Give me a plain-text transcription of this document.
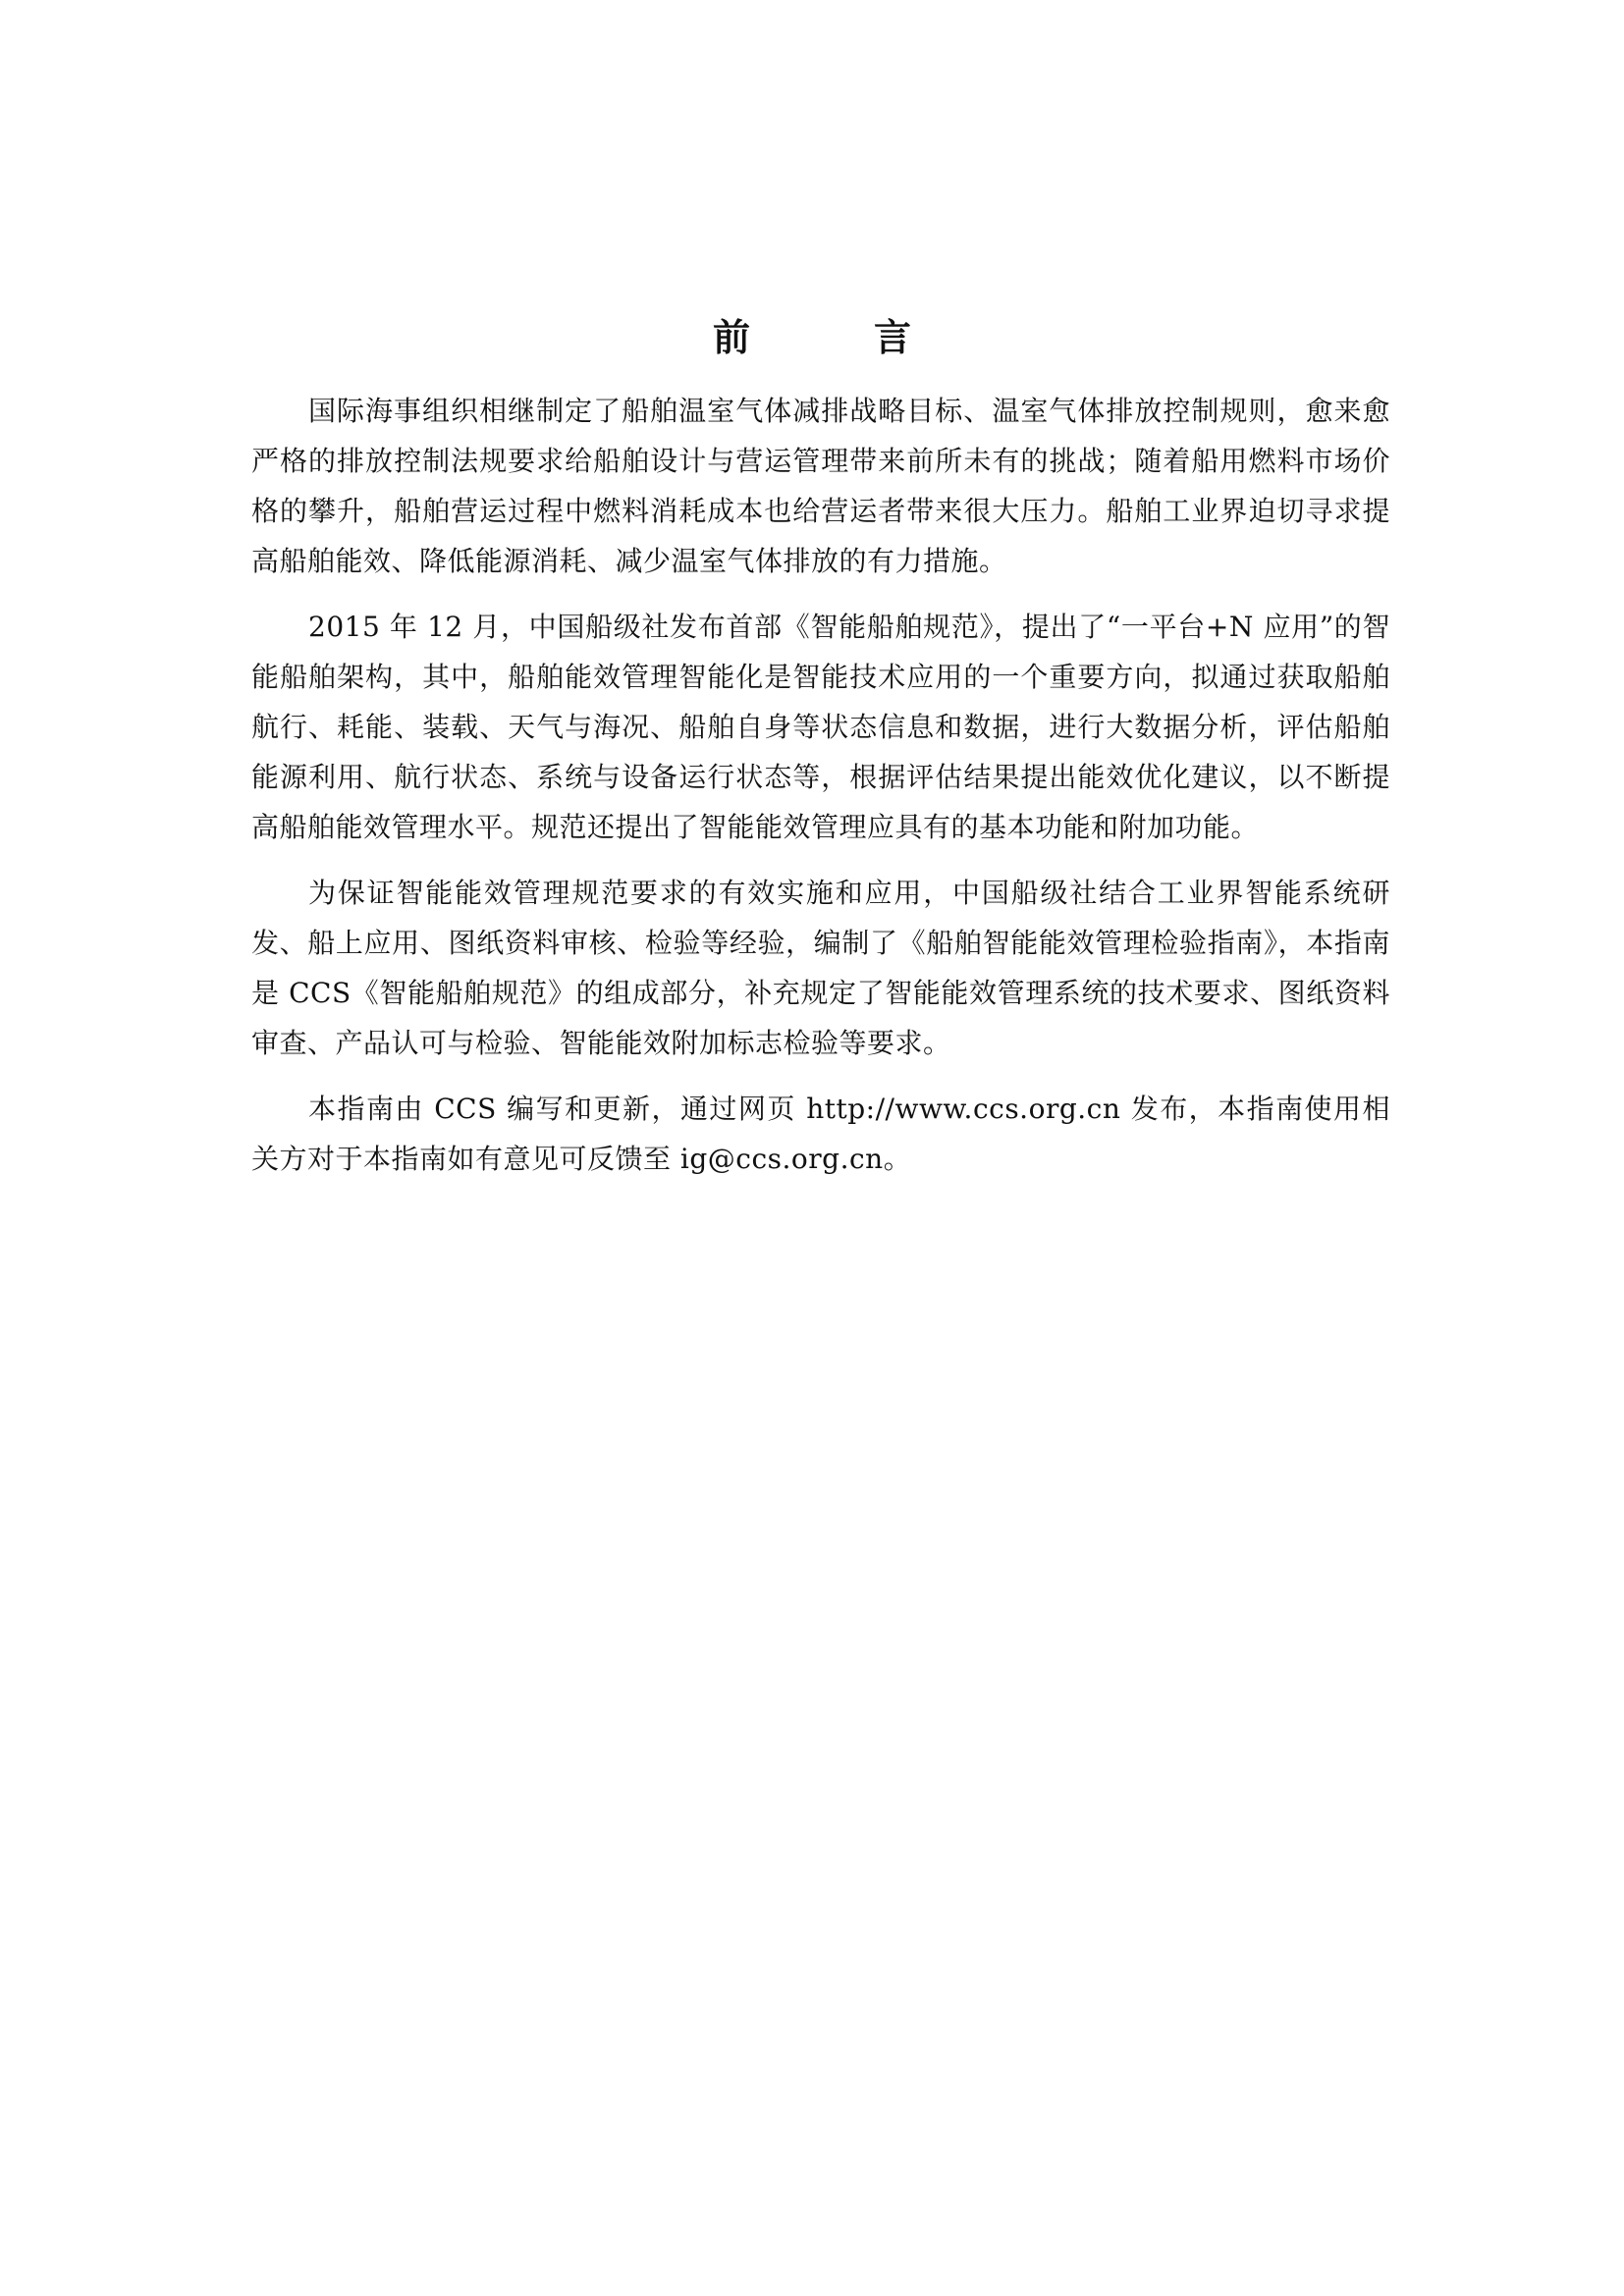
前　言

国际海事组织相继制定了船舶温室气体减排战略目标、温室气体排放控制规则，愈来愈严格的排放控制法规要求给船舶设计与营运管理带来前所未有的挑战；随着船用燃料市场价格的攀升，船舶营运过程中燃料消耗成本也给营运者带来很大压力。船舶工业界迫切寻求提高船舶能效、降低能源消耗、减少温室气体排放的有力措施。

2015 年 12 月，中国船级社发布首部《智能船舶规范》，提出了“一平台+N 应用”的智能船舶架构，其中，船舶能效管理智能化是智能技术应用的一个重要方向，拟通过获取船舶航行、耗能、装载、天气与海况、船舶自身等状态信息和数据，进行大数据分析，评估船舶能源利用、航行状态、系统与设备运行状态等，根据评估结果提出能效优化建议，以不断提高船舶能效管理水平。规范还提出了智能能效管理应具有的基本功能和附加功能。

为保证智能能效管理规范要求的有效实施和应用，中国船级社结合工业界智能系统研发、船上应用、图纸资料审核、检验等经验，编制了《船舶智能能效管理检验指南》，本指南是 CCS《智能船舶规范》的组成部分，补充规定了智能能效管理系统的技术要求、图纸资料审查、产品认可与检验、智能能效附加标志检验等要求。

本指南由 CCS 编写和更新，通过网页 http://www.ccs.org.cn 发布，本指南使用相关方对于本指南如有意见可反馈至 ig@ccs.org.cn。
